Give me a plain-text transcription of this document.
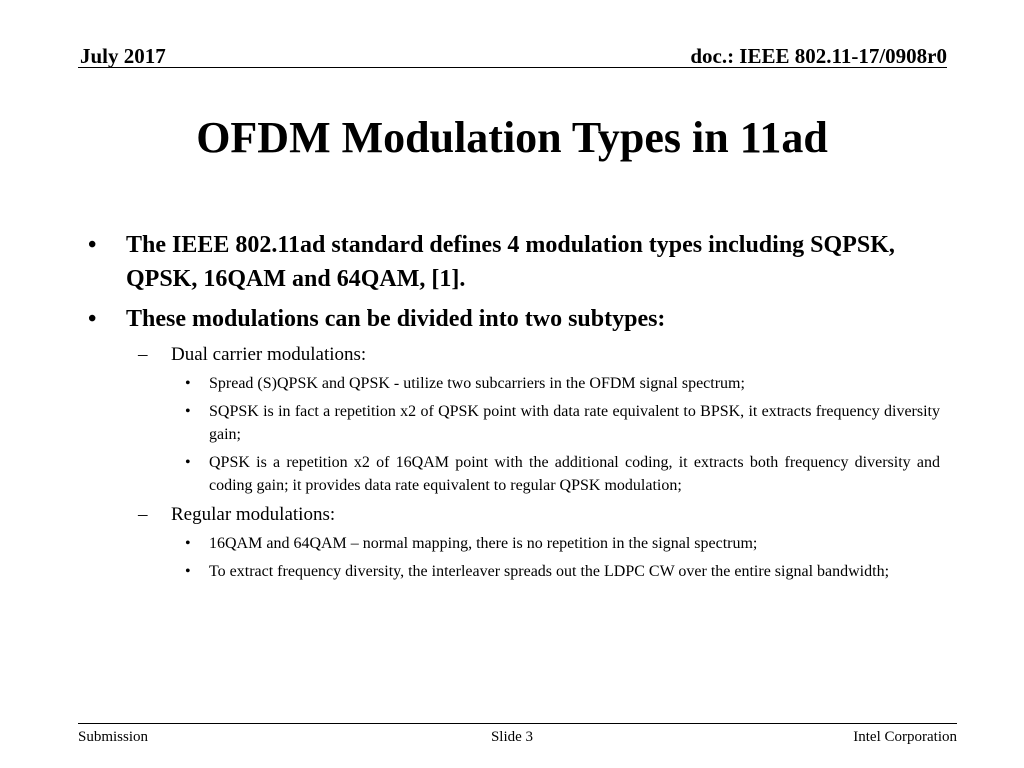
July 2017	doc.: IEEE 802.11-17/0908r0
OFDM Modulation Types in 11ad
• The IEEE 802.11ad standard defines 4 modulation types including SQPSK, QPSK, 16QAM and 64QAM, [1].
• These modulations can be divided into two subtypes:
– Dual carrier modulations:
• Spread (S)QPSK and QPSK - utilize two subcarriers in the OFDM signal spectrum;
• SQPSK is in fact a repetition x2 of QPSK point with data rate equivalent to BPSK, it extracts frequency diversity gain;
• QPSK is a repetition x2 of 16QAM point with the additional coding, it extracts both frequency diversity and coding gain; it provides data rate equivalent to regular QPSK modulation;
– Regular modulations:
• 16QAM and 64QAM – normal mapping, there is no repetition in the signal spectrum;
• To extract frequency diversity, the interleaver spreads out the LDPC CW over the entire signal bandwidth;
Submission	Slide 3	Intel Corporation
